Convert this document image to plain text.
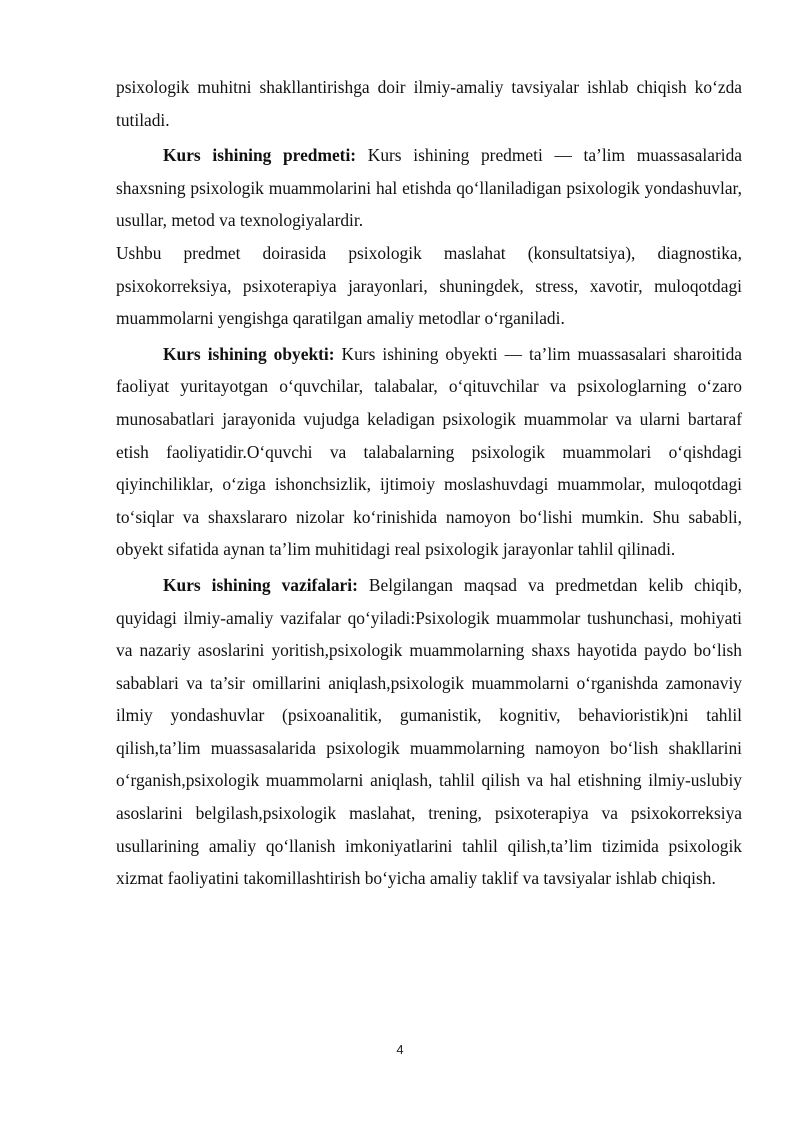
psixologik muhitni shakllantirishga doir ilmiy-amaliy tavsiyalar ishlab chiqish ko‘zda tutiladi.

Kurs ishining predmeti: Kurs ishining predmeti — ta’lim muassasalarida shaxsning psixologik muammolarini hal etishda qo‘llaniladigan psixologik yondashuvlar, usullar, metod va texnologiyalardir.
Ushbu predmet doirasida psixologik maslahat (konsultatsiya), diagnostika, psixokorreksiya, psixoterapiya jarayonlari, shuningdek, stress, xavotir, muloqotdagi muammolarni yengishga qaratilgan amaliy metodlar o‘rganiladi.

Kurs ishining obyekti: Kurs ishining obyekti — ta’lim muassasalari sharoitida faoliyat yuritayotgan o‘quvchilar, talabalar, o‘qituvchilar va psixologlarning o‘zaro munosabatlari jarayonida vujudga keladigan psixologik muammolar va ularni bartaraf etish faoliyatidir.O‘quvchi va talabalarning psixologik muammolari o‘qishdagi qiyinchiliklar, o‘ziga ishonchsizlik, ijtimoiy moslashuvdagi muammolar, muloqotdagi to‘siqlar va shaxslararo nizolar ko‘rinishida namoyon bo‘lishi mumkin. Shu sababli, obyekt sifatida aynan ta’lim muhitidagi real psixologik jarayonlar tahlil qilinadi.

Kurs ishining vazifalari: Belgilangan maqsad va predmetdan kelib chiqib, quyidagi ilmiy-amaliy vazifalar qo‘yiladi:Psixologik muammolar tushunchasi, mohiyati va nazariy asoslarini yoritish,psixologik muammolarning shaxs hayotida paydo bo‘lish sabablari va ta’sir omillarini aniqlash,psixologik muammolarni o‘rganishda zamonaviy ilmiy yondashuvlar (psixoanalitik, gumanistik, kognitiv, behavioristik)ni tahlil qilish,ta’lim muassasalarida psixologik muammolarning namoyon bo‘lish shakllarini o‘rganish,psixologik muammolarni aniqlash, tahlil qilish va hal etishning ilmiy-uslubiy asoslarini belgilash,psixologik maslahat, trening, psixoterapiya va psixokorreksiya usullarining amaliy qo‘llanish imkoniyatlarini tahlil qilish,ta’lim tizimida psixologik xizmat faoliyatini takomillashtirish bo‘yicha amaliy taklif va tavsiyalar ishlab chiqish.

4
